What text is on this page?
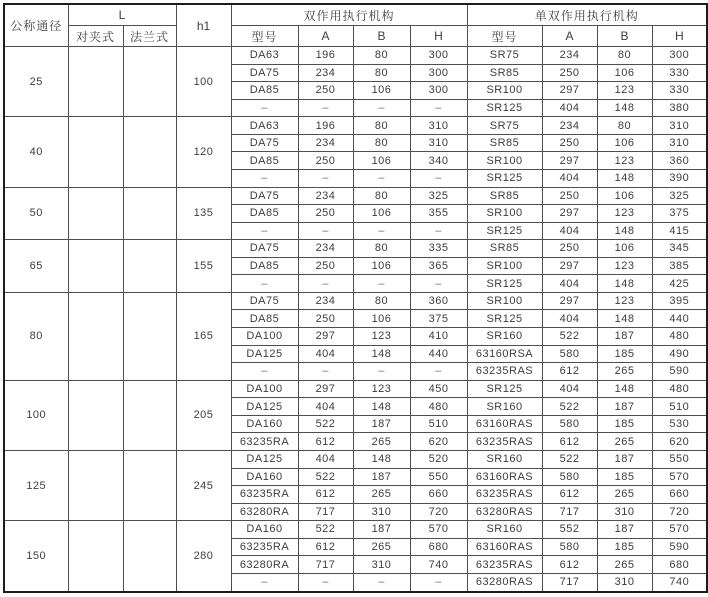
公称通径	L		h1	双作用执行机构				单双作用执行机构			
	对夹式	法兰式		型号	A	B	H	型号	A	B	H
25			100	DA63	196	80	300	SR75	234	80	300
				DA75	234	80	300	SR85	250	106	330
				DA85	250	106	300	SR100	297	123	330
				–	–	–	–	SR125	404	148	380
40			120	DA63	196	80	310	SR75	234	80	310
				DA75	234	80	310	SR85	250	106	310
				DA85	250	106	340	SR100	297	123	360
				–	–	–	–	SR125	404	148	390
50			135	DA75	234	80	325	SR85	250	106	325
				DA85	250	106	355	SR100	297	123	375
				–	–	–	–	SR125	404	148	415
65			155	DA75	234	80	335	SR85	250	106	345
				DA85	250	106	365	SR100	297	123	385
				–	–	–	–	SR125	404	148	425
80			165	DA75	234	80	360	SR100	297	123	395
				DA85	250	106	375	SR125	404	148	440
				DA100	297	123	410	SR160	522	187	480
				DA125	404	148	440	63160RSA	580	185	490
				–	–	–	–	63235RAS	612	265	590
100			205	DA100	297	123	450	SR125	404	148	480
				DA125	404	148	480	SR160	522	187	510
				DA160	522	187	510	63160RAS	580	185	530
				63235RA	612	265	620	63235RAS	612	265	620
125			245	DA125	404	148	520	SR160	522	187	550
				DA160	522	187	550	63160RAS	580	185	570
				63235RA	612	265	660	63235RAS	612	265	660
				63280RA	717	310	720	63280RAS	717	310	720
150			280	DA160	522	187	570	SR160	552	187	570
				63235RA	612	265	680	63160RAS	580	185	590
				63280RA	717	310	740	63235RAS	612	265	680
				–	–	–	–	63280RAS	717	310	740
